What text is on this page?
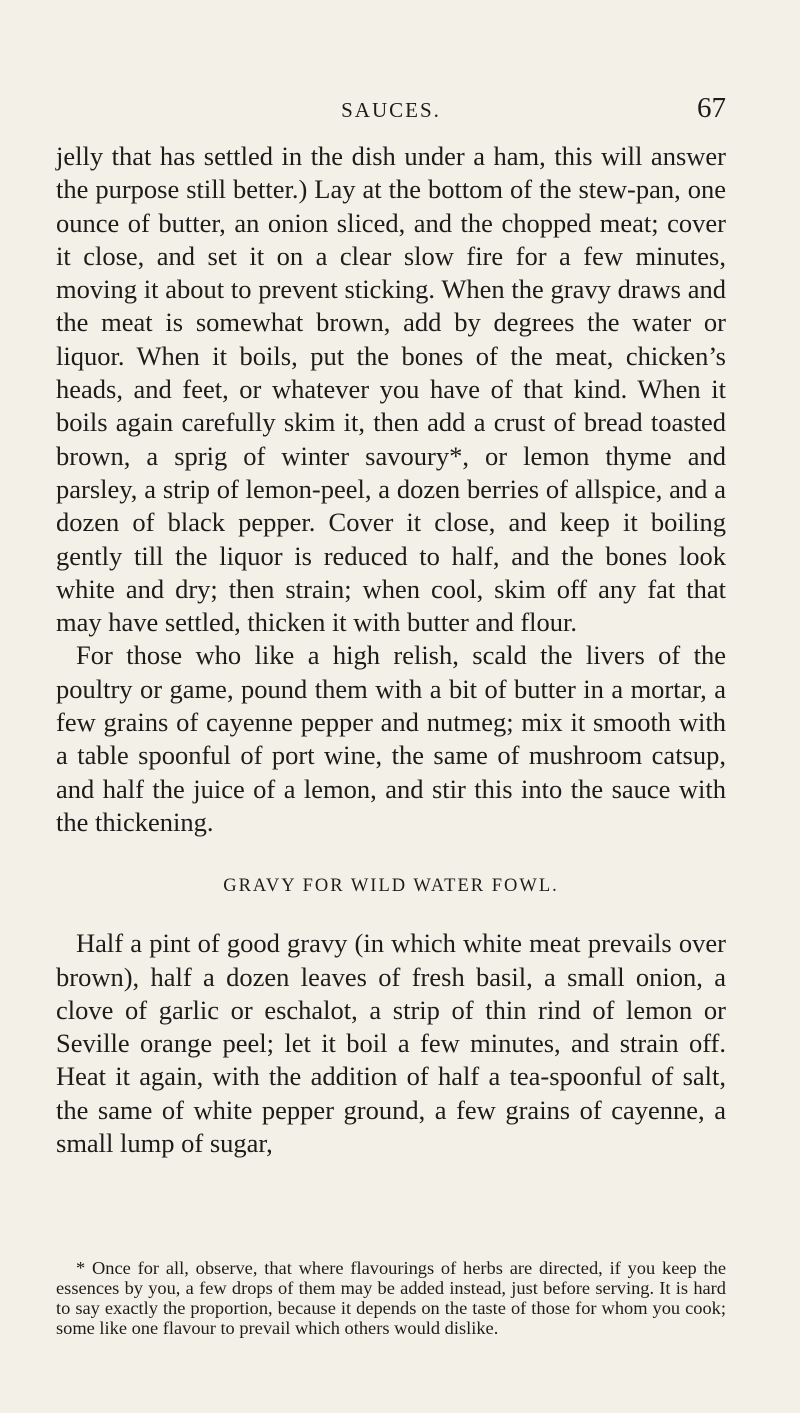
SAUCES.	67

jelly that has settled in the dish under a ham, this will answer the purpose still better.) Lay at the bottom of the stew-pan, one ounce of butter, an onion sliced, and the chopped meat; cover it close, and set it on a clear slow fire for a few minutes, moving it about to prevent sticking. When the gravy draws and the meat is somewhat brown, add by degrees the water or liquor. When it boils, put the bones of the meat, chicken’s heads, and feet, or whatever you have of that kind. When it boils again carefully skim it, then add a crust of bread toasted brown, a sprig of winter savoury*, or lemon thyme and parsley, a strip of lemon-peel, a dozen berries of allspice, and a dozen of black pepper. Cover it close, and keep it boiling gently till the liquor is reduced to half, and the bones look white and dry; then strain; when cool, skim off any fat that may have settled, thicken it with butter and flour.

For those who like a high relish, scald the livers of the poultry or game, pound them with a bit of butter in a mortar, a few grains of cayenne pepper and nutmeg; mix it smooth with a table spoonful of port wine, the same of mushroom catsup, and half the juice of a lemon, and stir this into the sauce with the thickening.

GRAVY FOR WILD WATER FOWL.

Half a pint of good gravy (in which white meat prevails over brown), half a dozen leaves of fresh basil, a small onion, a clove of garlic or eschalot, a strip of thin rind of lemon or Seville orange peel; let it boil a few minutes, and strain off. Heat it again, with the addition of half a tea-spoonful of salt, the same of white pepper ground, a few grains of cayenne, a small lump of sugar,

* Once for all, observe, that where flavourings of herbs are directed, if you keep the essences by you, a few drops of them may be added instead, just before serving. It is hard to say exactly the proportion, because it depends on the taste of those for whom you cook; some like one flavour to prevail which others would dislike.
